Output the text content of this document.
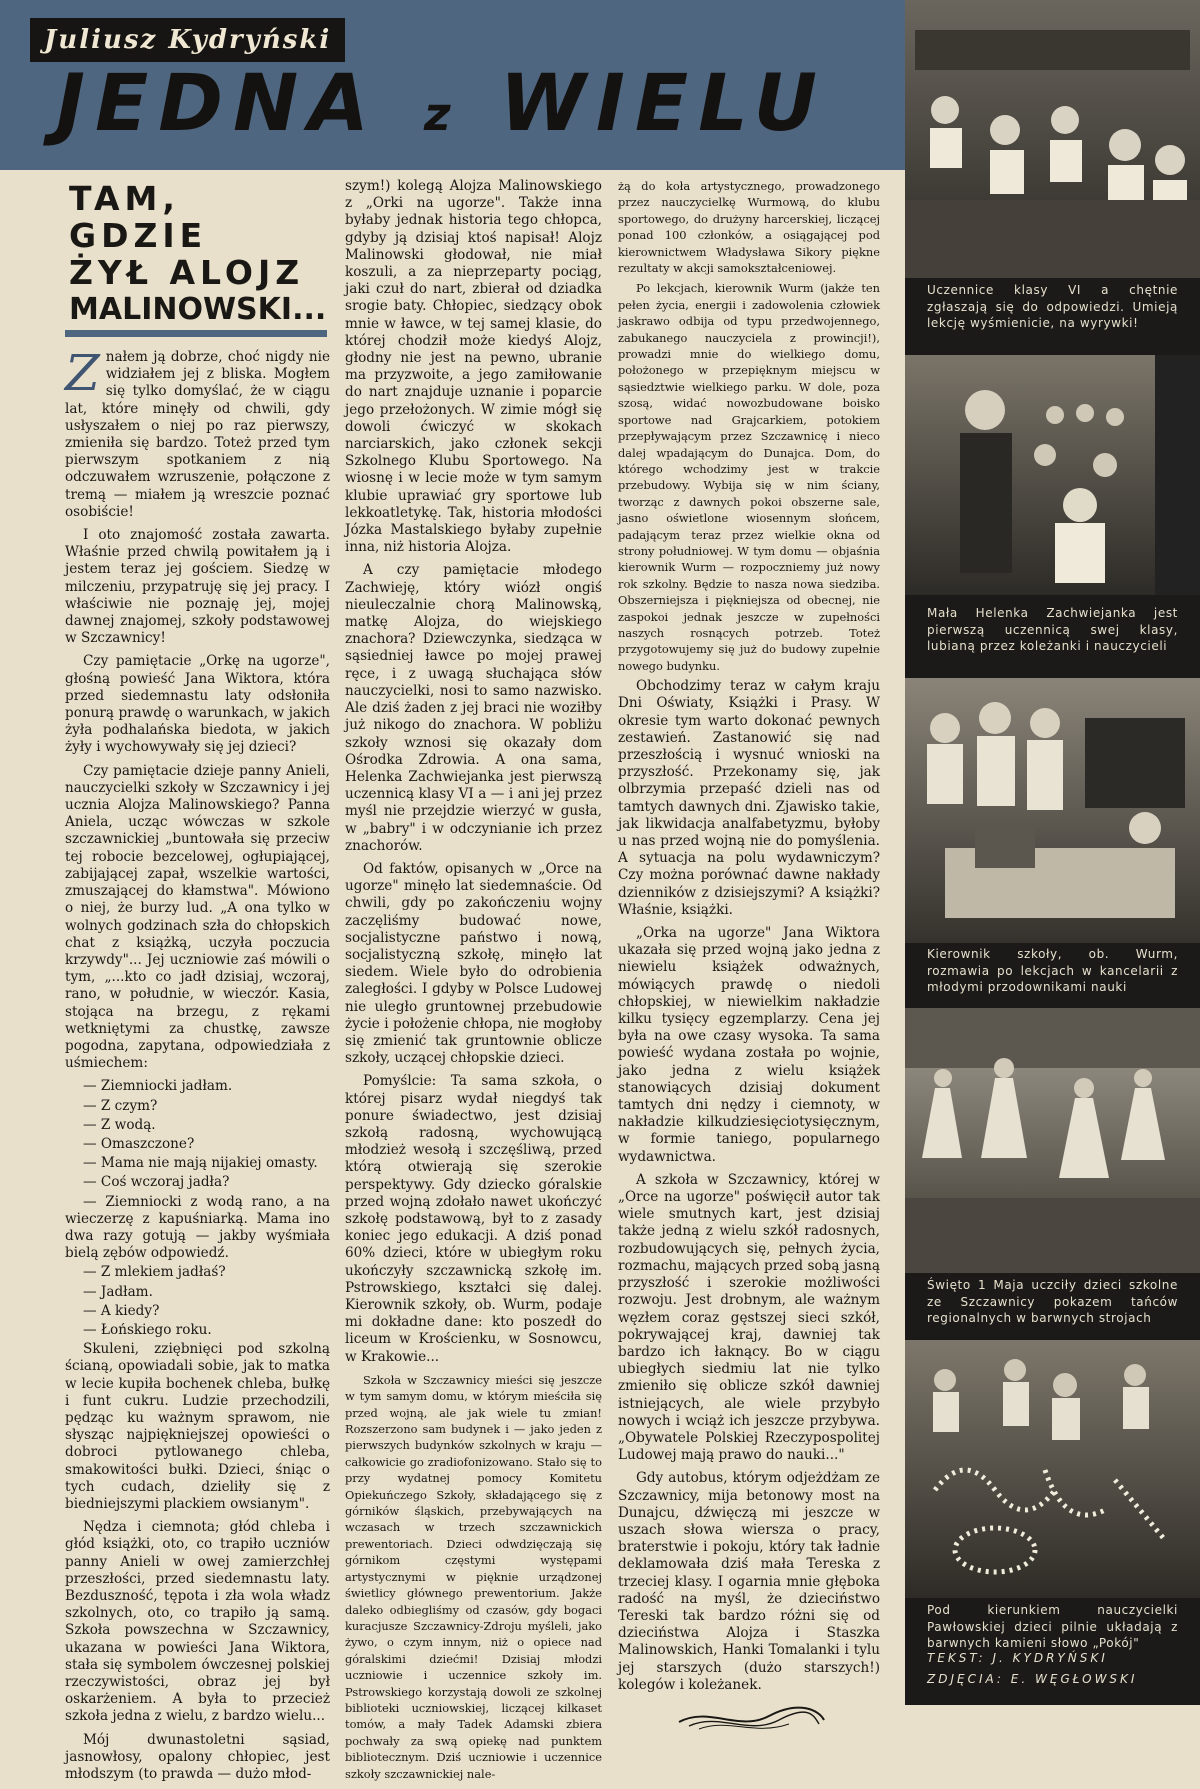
Juliusz Kydryński
JEDNA z WIELU
TAM, GDZIE
ŻYŁ ALOJZ
MALINOWSKI...

Znałem ją dobrze, choć nigdy nie widziałem jej z bliska. Mogłem się tylko domyślać, że w ciągu lat, które minęły od chwili, gdy usłyszałem o niej po raz pierwszy, zmieniła się bardzo. Toteż przed tym pierwszym spotkaniem z nią odczuwałem wzruszenie, połączone z tremą — miałem ją wreszcie poznać osobiście!

I oto znajomość została zawarta. Właśnie przed chwilą powitałem ją i jestem teraz jej gościem. Siedzę w milczeniu, przypatruję się jej pracy. I właściwie nie poznaję jej, mojej dawnej znajomej, szkoły podstawowej w Szczawnicy!

Czy pamiętacie „Orkę na ugorze", głośną powieść Jana Wiktora, która przed siedemnastu laty odsłoniła ponurą prawdę o warunkach, w jakich żyła podhalańska biedota, w jakich żyły i wychowywały się jej dzieci?

Czy pamiętacie dzieje panny Anieli, nauczycielki szkoły w Szczawnicy i jej ucznia Alojza Malinowskiego? Panna Aniela, ucząc wówczas w szkole szczawnickiej „buntowała się przeciw tej robocie bezcelowej, ogłupiającej, zabijającej zapał, wszelkie wartości, zmuszającej do kłamstwa". Mówiono o niej, że burzy lud. „A ona tylko w wolnych godzinach szła do chłopskich chat z książką, uczyła poczucia krzywdy"... Jej uczniowie zaś mówili o tym, „...kto co jadł dzisiaj, wczoraj, rano, w południe, w wieczór. Kasia, stojąca na brzegu, z rękami wetkniętymi za chustkę, zawsze pogodna, zapytana, odpowiedziała z uśmiechem:

— Ziemniocki jadłam.

— Z czym?

— Z wodą.

— Omaszczone?

— Mama nie mają nijakiej omasty.

— Coś wczoraj jadła?

— Ziemniocki z wodą rano, a na wieczerzę z kapuśniarką. Mama ino dwa razy gotują — jakby wyśmiała bielą zębów odpowiedź.

— Z mlekiem jadłaś?

— Jadłam.

— A kiedy?

— Łońskiego roku.

Skuleni, zziębnięci pod szkolną ścianą, opowiadali sobie, jak to matka w lecie kupiła bochenek chleba, bułkę i funt cukru. Ludzie przechodzili, pędząc ku ważnym sprawom, nie słysząc najpiękniejszej opowieści o dobroci pytlowanego chleba, smakowitości bułki. Dzieci, śniąc o tych cudach, dzieliły się z biedniejszymi plackiem owsianym".

Nędza i ciemnota; głód chleba i głód książki, oto, co trapiło uczniów panny Anieli w owej zamierzchłej przeszłości, przed siedemnastu laty. Bezduszność, tępota i zła wola władz szkolnych, oto, co trapiło ją samą. Szkoła powszechna w Szczawnicy, ukazana w powieści Jana Wiktora, stała się symbolem ówczesnej polskiej rzeczywistości, obraz jej był oskarżeniem. A była to przecież szkoła jedna z wielu, z bardzo wielu...

Mój dwunastoletni sąsiad, jasnowłosy, opalony chłopiec, jest młodszym (to prawda — dużo młod-

szym!) kolegą Alojza Malinowskiego z „Orki na ugorze". Także inna byłaby jednak historia tego chłopca, gdyby ją dzisiaj ktoś napisał! Alojz Malinowski głodował, nie miał koszuli, a za nieprzeparty pociąg, jaki czuł do nart, zbierał od dziadka srogie baty. Chłopiec, siedzący obok mnie w ławce, w tej samej klasie, do której chodził może kiedyś Alojz, głodny nie jest na pewno, ubranie ma przyzwoite, a jego zamiłowanie do nart znajduje uznanie i poparcie jego przełożonych. W zimie mógł się dowoli ćwiczyć w skokach narciarskich, jako członek sekcji Szkolnego Klubu Sportowego. Na wiosnę i w lecie może w tym samym klubie uprawiać gry sportowe lub lekkoatletykę. Tak, historia młodości Józka Mastalskiego byłaby zupełnie inna, niż historia Alojza.

A czy pamiętacie młodego Zachwieję, który wiózł ongiś nieuleczalnie chorą Malinowską, matkę Alojza, do wiejskiego znachora? Dziewczynka, siedząca w sąsiedniej ławce po mojej prawej ręce, i z uwagą słuchająca słów nauczycielki, nosi to samo nazwisko. Ale dziś żaden z jej braci nie woziłby już nikogo do znachora. W pobliżu szkoły wznosi się okazały dom Ośrodka Zdrowia. A ona sama, Helenka Zachwiejanka jest pierwszą uczennicą klasy VI a — i ani jej przez myśl nie przejdzie wierzyć w gusła, w „babry" i w odczynianie ich przez znachorów.

Od faktów, opisanych w „Orce na ugorze" minęło lat siedemnaście. Od chwili, gdy po zakończeniu wojny zaczęliśmy budować nowe, socjalistyczne państwo i nową, socjalistyczną szkołę, minęło lat siedem. Wiele było do odrobienia zaległości. I gdyby w Polsce Ludowej nie uległo gruntownej przebudowie życie i położenie chłopa, nie mogłoby się zmienić tak gruntownie oblicze szkoły, uczącej chłopskie dzieci.

Pomyślcie: Ta sama szkoła, o której pisarz wydał niegdyś tak ponure świadectwo, jest dzisiaj szkołą radosną, wychowującą młodzież wesołą i szczęśliwą, przed którą otwierają się szerokie perspektywy. Gdy dziecko góralskie przed wojną zdołało nawet ukończyć szkołę podstawową, był to z zasady koniec jego edukacji. A dziś ponad 60% dzieci, które w ubiegłym roku ukończyły szczawnicką szkołę im. Pstrowskiego, kształci się dalej. Kierownik szkoły, ob. Wurm, podaje mi dokładne dane: kto poszedł do liceum w Krościenku, w Sosnowcu, w Krakowie...

Szkoła w Szczawnicy mieści się jeszcze w tym samym domu, w którym mieściła się przed wojną, ale jak wiele tu zmian! Rozszerzono sam budynek i — jako jeden z pierwszych budynków szkolnych w kraju — całkowicie go zradiofonizowano. Stało się to przy wydatnej pomocy Komitetu Opiekuńczego Szkoły, składającego się z górników śląskich, przebywających na wczasach w trzech szczawnickich prewentoriach. Dzieci odwdzięczają się górnikom częstymi występami artystycznymi w pięknie urządzonej świetlicy głównego prewentorium. Jakże daleko odbiegliśmy od czasów, gdy bogaci kuracjusze Szczawnicy-Zdroju myśleli, jako żywo, o czym innym, niż o opiece nad góralskimi dziećmi! Dzisiaj młodzi uczniowie i uczennice szkoły im. Pstrowskiego korzystają dowoli ze szkolnej biblioteki uczniowskiej, liczącej kilkaset tomów, a mały Tadek Adamski zbiera pochwały za swą opiekę nad punktem bibliotecznym. Dziś uczniowie i uczennice szkoły szczawnickiej nale-

żą do koła artystycznego, prowadzonego przez nauczycielkę Wurmową, do klubu sportowego, do drużyny harcerskiej, liczącej ponad 100 członków, a osiągającej pod kierownictwem Władysława Sikory piękne rezultaty w akcji samokształceniowej.

Po lekcjach, kierownik Wurm (jakże ten pełen życia, energii i zadowolenia człowiek jaskrawo odbija od typu przedwojennego, zabukanego nauczyciela z prowincji!), prowadzi mnie do wielkiego domu, położonego w przepięknym miejscu w sąsiedztwie wielkiego parku. W dole, poza szosą, widać nowozbudowane boisko sportowe nad Grajcarkiem, potokiem przepływającym przez Szczawnicę i nieco dalej wpadającym do Dunajca. Dom, do którego wchodzimy jest w trakcie przebudowy. Wybija się w nim ściany, tworząc z dawnych pokoi obszerne sale, jasno oświetlone wiosennym słońcem, padającym teraz przez wielkie okna od strony południowej. W tym domu — objaśnia kierownik Wurm — rozpoczniemy już nowy rok szkolny. Będzie to nasza nowa siedziba. Obszerniejsza i piękniejsza od obecnej, nie zaspokoi jednak jeszcze w zupełności naszych rosnących potrzeb. Toteż przygotowujemy się już do budowy zupełnie nowego budynku.

Obchodzimy teraz w całym kraju Dni Oświaty, Książki i Prasy. W okresie tym warto dokonać pewnych zestawień. Zastanowić się nad przeszłością i wysnuć wnioski na przyszłość. Przekonamy się, jak olbrzymia przepaść dzieli nas od tamtych dawnych dni. Zjawisko takie, jak likwidacja analfabetyzmu, byłoby u nas przed wojną nie do pomyślenia. A sytuacja na polu wydawniczym? Czy można porównać dawne nakłady dzienników z dzisiejszymi? A książki? Właśnie, książki.

„Orka na ugorze" Jana Wiktora ukazała się przed wojną jako jedna z niewielu książek odważnych, mówiących prawdę o niedoli chłopskiej, w niewielkim nakładzie kilku tysięcy egzemplarzy. Cena jej była na owe czasy wysoka. Ta sama powieść wydana została po wojnie, jako jedna z wielu książek stanowiących dzisiaj dokument tamtych dni nędzy i ciemnoty, w nakładzie kilkudziesięciotysięcznym, w formie taniego, popularnego wydawnictwa.

A szkoła w Szczawnicy, której w „Orce na ugorze" poświęcił autor tak wiele smutnych kart, jest dzisiaj także jedną z wielu szkół radosnych, rozbudowujących się, pełnych życia, rozmachu, mających przed sobą jasną przyszłość i szerokie możliwości rozwoju. Jest drobnym, ale ważnym węzłem coraz gęstszej sieci szkół, pokrywającej kraj, dawniej tak bardzo ich łaknący. Bo w ciągu ubiegłych siedmiu lat nie tylko zmieniło się oblicze szkół dawniej istniejących, ale wiele przybyło nowych i wciąż ich jeszcze przybywa. „Obywatele Polskiej Rzeczypospolitej Ludowej mają prawo do nauki..."

Gdy autobus, którym odjeżdżam ze Szczawnicy, mija betonowy most na Dunajcu, dźwięczą mi jeszcze w uszach słowa wiersza o pracy, braterstwie i pokoju, który tak ładnie deklamowała dziś mała Tereska z trzeciej klasy. I ogarnia mnie głęboka radość na myśl, że dzieciństwo Tereski tak bardzo różni się od dzieciństwa Alojza i Staszka Malinowskich, Hanki Tomalanki i tylu jej starszych (dużo starszych!) kolegów i koleżanek.

Uczennice klasy VI a chętnie zgłaszają się do odpowiedzi. Umieją lekcję wyśmienicie, na wyrywki!
Mała Helenka Zachwiejanka jest pierwszą uczennicą swej klasy, lubianą przez koleżanki i nauczycieli
Kierownik szkoły, ob. Wurm, rozmawia po lekcjach w kancelarii z młodymi przodownikami nauki
Święto 1 Maja uczciły dzieci szkolne ze Szczawnicy pokazem tańców regionalnych w barwnych strojach
Pod kierunkiem nauczycielki Pawłowskiej dzieci pilnie układają z barwnych kamieni słowo „Pokój"
TEKST: J. KYDRYŃSKI
ZDJĘCIA: E. WĘGŁOWSKI
